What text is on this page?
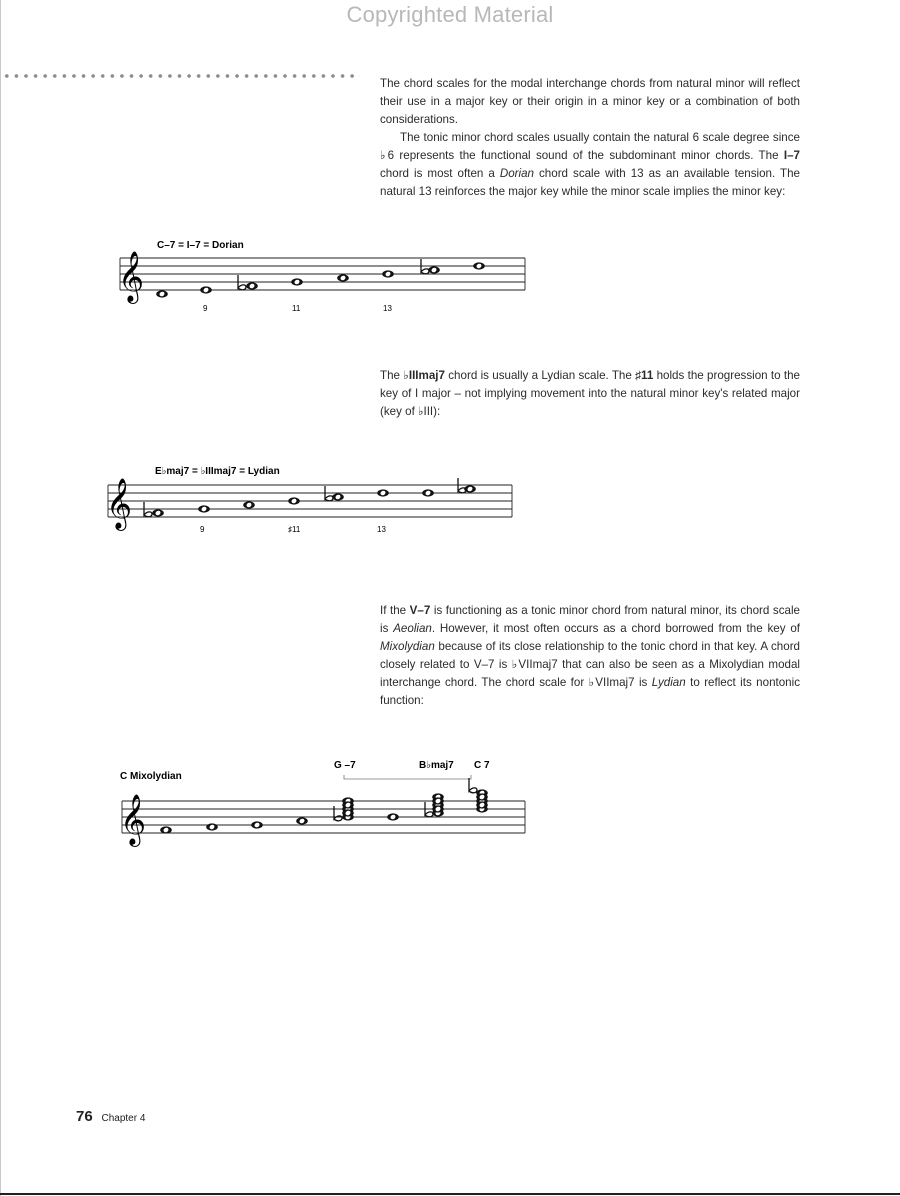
Copyrighted Material

The chord scales for the modal interchange chords from natural minor will reflect their use in a major key or their origin in a minor key or a combination of both considerations.

The tonic minor chord scales usually contain the natural 6 scale degree since ♭6 represents the functional sound of the subdominant minor chords. The I–7 chord is most often a Dorian chord scale with 13 as an available tension. The natural 13 reinforces the major key while the minor scale implies the minor key:

The ♭IIImaj7 chord is usually a Lydian scale. The ♯11 holds the progression to the key of I major – not implying movement into the natural minor key's related major (key of ♭III):

If the V–7 is functioning as a tonic minor chord from natural minor, its chord scale is Aeolian. However, it most often occurs as a chord borrowed from the key of Mixolydian because of its close relationship to the tonic chord in that key. A chord closely related to V–7 is ♭VIImaj7 that can also be seen as a Mixolydian modal interchange chord. The chord scale for ♭VIImaj7 is Lydian to reflect its nontonic function:

C–7 = I–7 = Dorian
𝄞
9	11	13
E♭maj7 = ♭IIImaj7 = Lydian
𝄞
9	♯11	13
C Mixolydian
G –7	B♭maj7 C 7
𝄞
76 Chapter 4
